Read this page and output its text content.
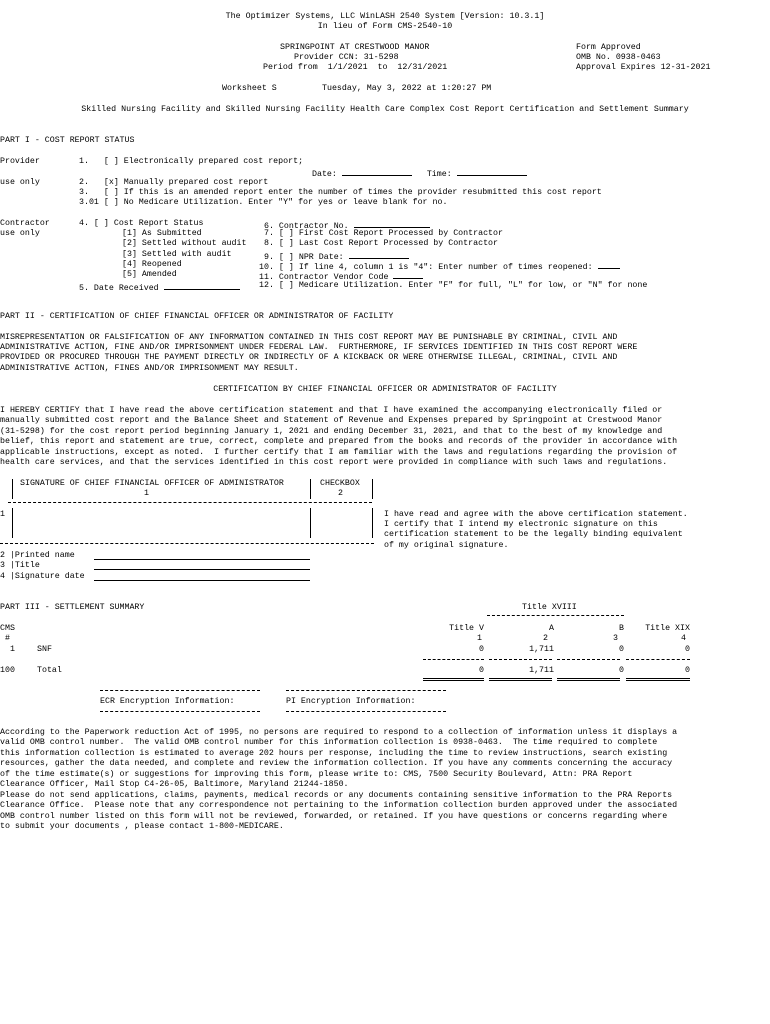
The Optimizer Systems, LLC WinLASH 2540 System [Version: 10.3.1]
In lieu of Form CMS-2540-10
SPRINGPOINT AT CRESTWOOD MANOR
Provider CCN: 31-5298
Period from  1/1/2021  to  12/31/2021
Form Approved
OMB No. 0938-0463
Approval Expires 12-31-2021
Worksheet S	Tuesday, May 3, 2022 at 1:20:27 PM
Skilled Nursing Facility and Skilled Nursing Facility Health Care Complex Cost Report Certification and Settlement Summary
PART I - COST REPORT STATUS
Provider	1.   [ ] Electronically prepared cost report;
Date:	Time:
use only	2.   [x] Manually prepared cost report
3.   [ ] If this is an amended report enter the number of times the provider resubmitted this cost report
3.01 [ ] No Medicare Utilization. Enter "Y" for yes or leave blank for no.
Contractor
use only
4. [ ] Cost Report Status
[1] As Submitted
[2] Settled without audit
[3] Settled with audit
[4] Reopened
[5] Amended
5. Date Received
6. Contractor No.
7. [ ] First Cost Report Processed by Contractor
8. [ ] Last Cost Report Processed by Contractor
9. [ ] NPR Date:
10. [ ] If line 4, column 1 is "4": Enter number of times reopened:
11. Contractor Vendor Code
12. [ ] Medicare Utilization. Enter "F" for full, "L" for low, or "N" for none
PART II - CERTIFICATION OF CHIEF FINANCIAL OFFICER OR ADMINISTRATOR OF FACILITY
MISREPRESENTATION OR FALSIFICATION OF ANY INFORMATION CONTAINED IN THIS COST REPORT MAY BE PUNISHABLE BY CRIMINAL, CIVIL AND
ADMINISTRATIVE ACTION, FINE AND/OR IMPRISONMENT UNDER FEDERAL LAW.  FURTHERMORE, IF SERVICES IDENTIFIED IN THIS COST REPORT WERE
PROVIDED OR PROCURED THROUGH THE PAYMENT DIRECTLY OR INDIRECTLY OF A KICKBACK OR WERE OTHERWISE ILLEGAL, CRIMINAL, CIVIL AND
ADMINISTRATIVE ACTION, FINES AND/OR IMPRISONMENT MAY RESULT.
CERTIFICATION BY CHIEF FINANCIAL OFFICER OR ADMINISTRATOR OF FACILITY
I HEREBY CERTIFY that I have read the above certification statement and that I have examined the accompanying electronically filed or
manually submitted cost report and the Balance Sheet and Statement of Revenue and Expenses prepared by Springpoint at Crestwood Manor
(31-5298) for the cost report period beginning January 1, 2021 and ending December 31, 2021, and that to the best of my knowledge and
belief, this report and statement are true, correct, complete and prepared from the books and records of the provider in accordance with
applicable instructions, except as noted.  I further certify that I am familiar with the laws and regulations regarding the provision of
health care services, and that the services identified in this cost report were provided in compliance with such laws and regulations.
SIGNATURE OF CHIEF FINANCIAL OFFICER OF ADMINISTRATOR
1
CHECKBOX
2
1	I have read and agree with the above certification statement.
I certify that I intend my electronic signature on this
certification statement to be the legally binding equivalent
of my original signature.
2 |Printed name
3 |Title
4 |Signature date
PART III - SETTLEMENT SUMMARY	Title XVIII
CMS
#
Title V	A	B	Title XIX
1	2	3	4
1	SNF	0	1,711	0	0
100	Total	0	1,711	0	0
ECR Encryption Information:	PI Encryption Information:
According to the Paperwork reduction Act of 1995, no persons are required to respond to a collection of information unless it displays a
valid OMB control number.  The valid OMB control number for this information collection is 0938-0463.  The time required to complete
this information collection is estimated to average 202 hours per response, including the time to review instructions, search existing
resources, gather the data needed, and complete and review the information collection. If you have any comments concerning the accuracy
of the time estimate(s) or suggestions for improving this form, please write to: CMS, 7500 Security Boulevard, Attn: PRA Report
Clearance Officer, Mail Stop C4-26-05, Baltimore, Maryland 21244-1850.
Please do not send applications, claims, payments, medical records or any documents containing sensitive information to the PRA Reports
Clearance Office.  Please note that any correspondence not pertaining to the information collection burden approved under the associated
OMB control number listed on this form will not be reviewed, forwarded, or retained. If you have questions or concerns regarding where
to submit your documents , please contact 1-800-MEDICARE.
